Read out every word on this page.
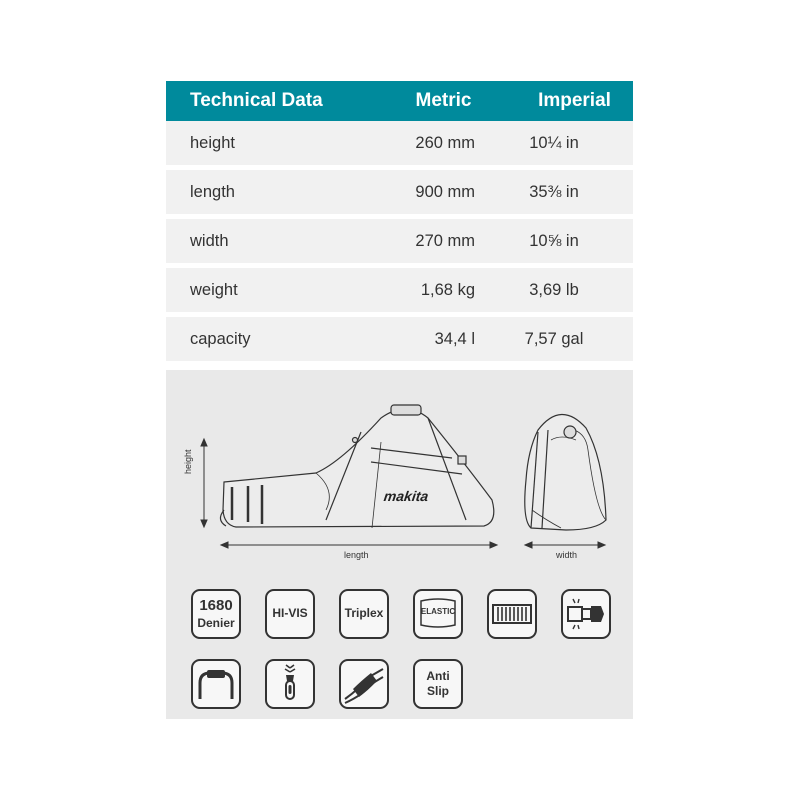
Technical Data	Metric	Imperial
height	260 mm	10¼ in
length	900 mm	35⅜ in
width	270 mm	10⅝ in
weight	1,68 kg	3,69 lb
capacity	34,4 l	7,57 gal
height
length	width
makita
1680
Denier
HI-VIS	Triplex	ELASTIC
Anti
Slip
